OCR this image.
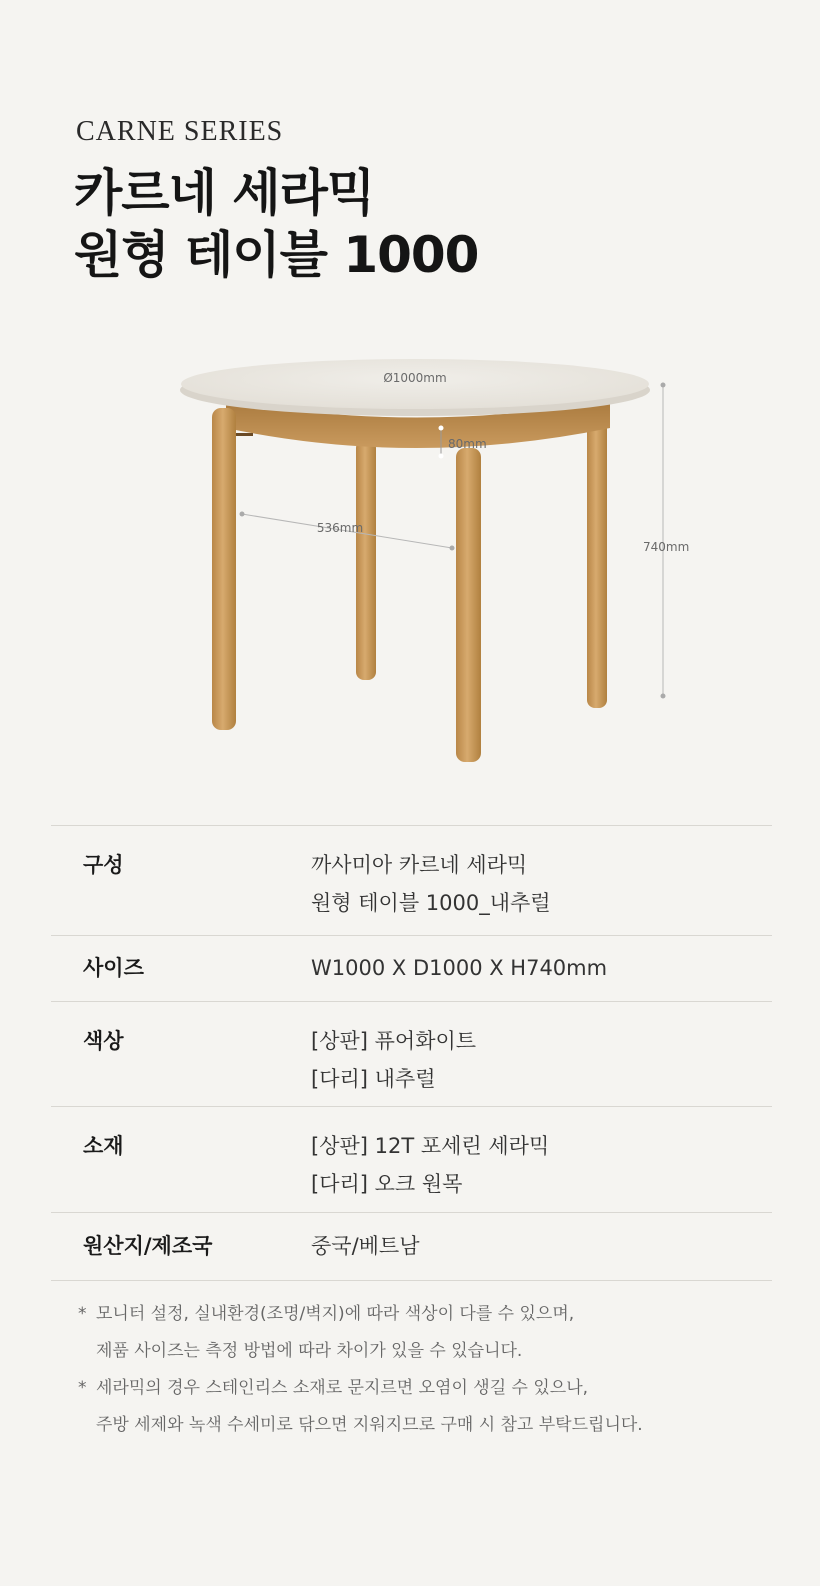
CARNE SERIES
카르네 세라믹
원형 테이블 1000
Ø1000mm
80mm
536mm
740mm
구성	까사미아 카르네 세라믹
원형 테이블 1000_내추럴
사이즈	W1000 X D1000 X H740mm
색상	[상판] 퓨어화이트
[다리] 내추럴
소재	[상판] 12T 포세린 세라믹
[다리] 오크 원목
원산지/제조국	중국/베트남
* 모니터 설정, 실내환경(조명/벽지)에 따라 색상이 다를 수 있으며,
제품 사이즈는 측정 방법에 따라 차이가 있을 수 있습니다.
* 세라믹의 경우 스테인리스 소재로 문지르면 오염이 생길 수 있으나,
주방 세제와 녹색 수세미로 닦으면 지워지므로 구매 시 참고 부탁드립니다.
